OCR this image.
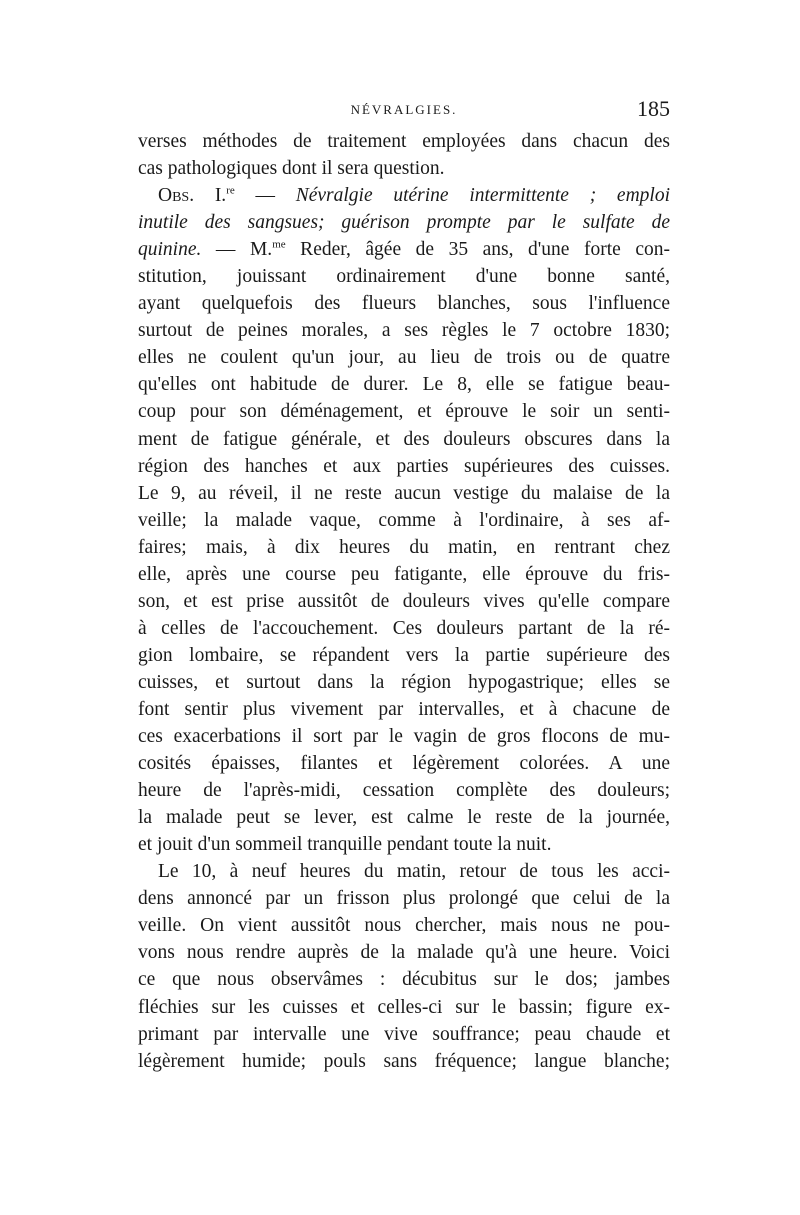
NÉVRALGIES.	185
verses méthodes de traitement employées dans chacun des
cas pathologiques dont il sera question.
Obs. I.$^{re}$ — Névralgie utérine intermittente ; emploi
inutile des sangsues; guérison prompte par le sulfate de
quinine. — M.$^{me}$ Reder, âgée de 35 ans, d'une forte con-
stitution, jouissant ordinairement d'une bonne santé,
ayant quelquefois des flueurs blanches, sous l'influence
surtout de peines morales, a ses règles le 7 octobre 1830;
elles ne coulent qu'un jour, au lieu de trois ou de quatre
qu'elles ont habitude de durer. Le 8, elle se fatigue beau-
coup pour son déménagement, et éprouve le soir un senti-
ment de fatigue générale, et des douleurs obscures dans la
région des hanches et aux parties supérieures des cuisses.
Le 9, au réveil, il ne reste aucun vestige du malaise de la
veille; la malade vaque, comme à l'ordinaire, à ses af-
faires; mais, à dix heures du matin, en rentrant chez
elle, après une course peu fatigante, elle éprouve du fris-
son, et est prise aussitôt de douleurs vives qu'elle compare
à celles de l'accouchement. Ces douleurs partant de la ré-
gion lombaire, se répandent vers la partie supérieure des
cuisses, et surtout dans la région hypogastrique; elles se
font sentir plus vivement par intervalles, et à chacune de
ces exacerbations il sort par le vagin de gros flocons de mu-
cosités épaisses, filantes et légèrement colorées. A une
heure de l'après-midi, cessation complète des douleurs;
la malade peut se lever, est calme le reste de la journée,
et jouit d'un sommeil tranquille pendant toute la nuit.
Le 10, à neuf heures du matin, retour de tous les acci-
dens annoncé par un frisson plus prolongé que celui de la
veille. On vient aussitôt nous chercher, mais nous ne pou-
vons nous rendre auprès de la malade qu'à une heure. Voici
ce que nous observâmes : décubitus sur le dos; jambes
fléchies sur les cuisses et celles-ci sur le bassin; figure ex-
primant par intervalle une vive souffrance; peau chaude et
légèrement humide; pouls sans fréquence; langue blanche;
